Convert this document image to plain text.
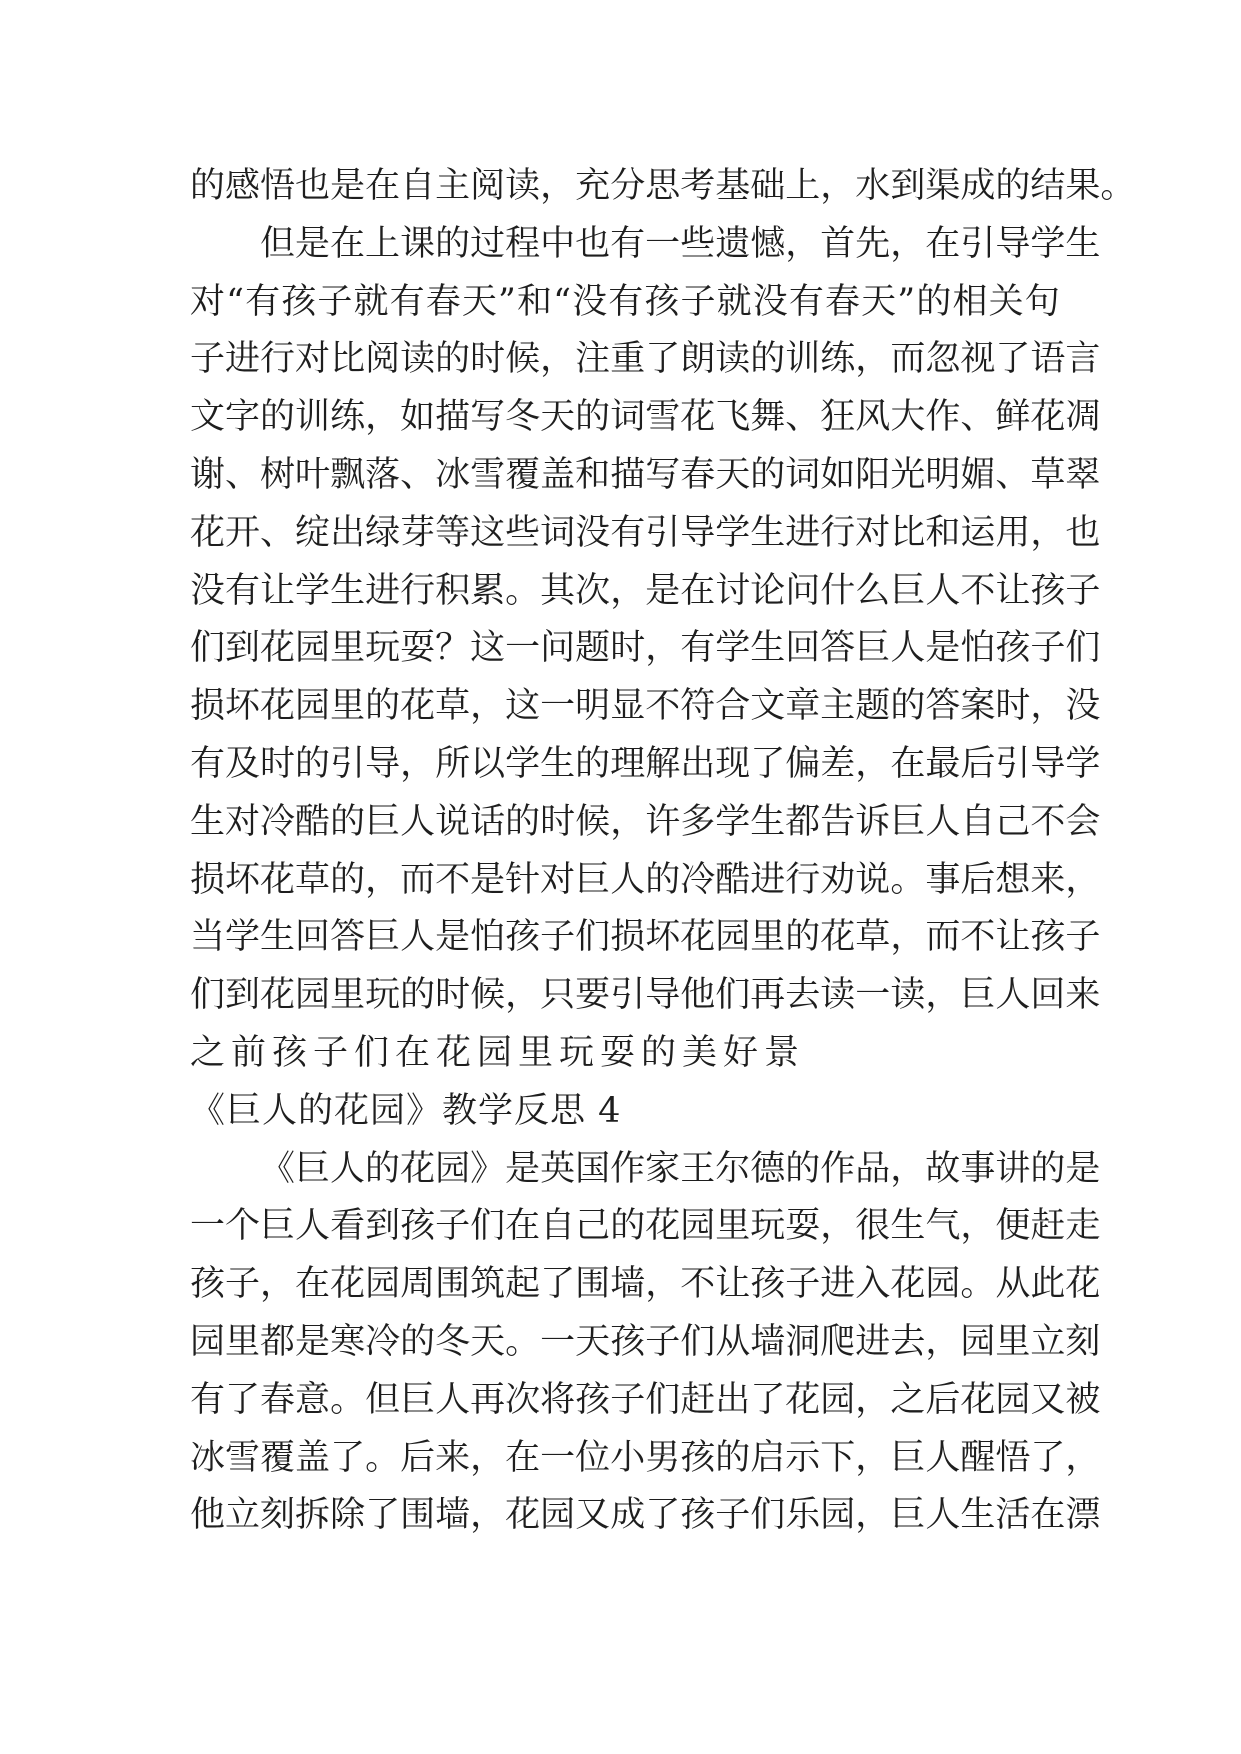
的 感 悟 也 是 在 自 主 阅 读 ， 充 分 思 考 基 础 上 ， 水 到 渠 成 的 结 果 。
但 是 在 上 课 的 过 程 中 也 有 一 些 遗 憾 ， 首 先 ， 在 引 导 学 生
对 “ 有 孩 子 就 有 春 天 ” 和 “ 没 有 孩 子 就 没 有 春 天 ” 的 相 关 句
子 进 行 对 比 阅 读 的 时 候 ， 注 重 了 朗 读 的 训 练 ， 而 忽 视 了 语 言
文 字 的 训 练 ， 如 描 写 冬 天 的 词 雪 花 飞 舞 、 狂 风 大 作 、 鲜 花 凋
谢 、 树 叶 飘 落 、 冰 雪 覆 盖 和 描 写 春 天 的 词 如 阳 光 明 媚 、 草 翠
花 开 、 绽 出 绿 芽 等 这 些 词 没 有 引 导 学 生 进 行 对 比 和 运 用 ， 也
没 有 让 学 生 进 行 积 累 。 其 次 ， 是 在 讨 论 问 什 么 巨 人 不 让 孩 子
们 到 花 园 里 玩 耍 ？ 这 一 问 题 时 ， 有 学 生 回 答 巨 人 是 怕 孩 子 们
损 坏 花 园 里 的 花 草 ， 这 一 明 显 不 符 合 文 章 主 题 的 答 案 时 ， 没
有 及 时 的 引 导 ， 所 以 学 生 的 理 解 出 现 了 偏 差 ， 在 最 后 引 导 学
生 对 冷 酷 的 巨 人 说 话 的 时 候 ， 许 多 学 生 都 告 诉 巨 人 自 己 不 会
损 坏 花 草 的 ， 而 不 是 针 对 巨 人 的 冷 酷 进 行 劝 说 。 事 后 想 来 ，
当 学 生 回 答 巨 人 是 怕 孩 子 们 损 坏 花 园 里 的 花 草 ， 而 不 让 孩 子
们 到 花 园 里 玩 的 时 候 ， 只 要 引 导 他 们 再 去 读 一 读 ， 巨 人 回 来
之前孩子们在花园里玩耍的美好景
《巨人的花园》教学反思 4
《 巨 人 的 花 园 》 是 英 国 作 家 王 尔 德 的 作 品 ， 故 事 讲 的 是
一 个 巨 人 看 到 孩 子 们 在 自 己 的 花 园 里 玩 耍 ， 很 生 气 ， 便 赶 走
孩 子 ， 在 花 园 周 围 筑 起 了 围 墙 ， 不 让 孩 子 进 入 花 园 。 从 此 花
园 里 都 是 寒 冷 的 冬 天 。 一 天 孩 子 们 从 墙 洞 爬 进 去 ， 园 里 立 刻
有 了 春 意 。 但 巨 人 再 次 将 孩 子 们 赶 出 了 花 园 ， 之 后 花 园 又 被
冰 雪 覆 盖 了 。 后 来 ， 在 一 位 小 男 孩 的 启 示 下 ， 巨 人 醒 悟 了 ，
他 立 刻 拆 除 了 围 墙 ， 花 园 又 成 了 孩 子 们 乐 园 ， 巨 人 生 活 在 漂
